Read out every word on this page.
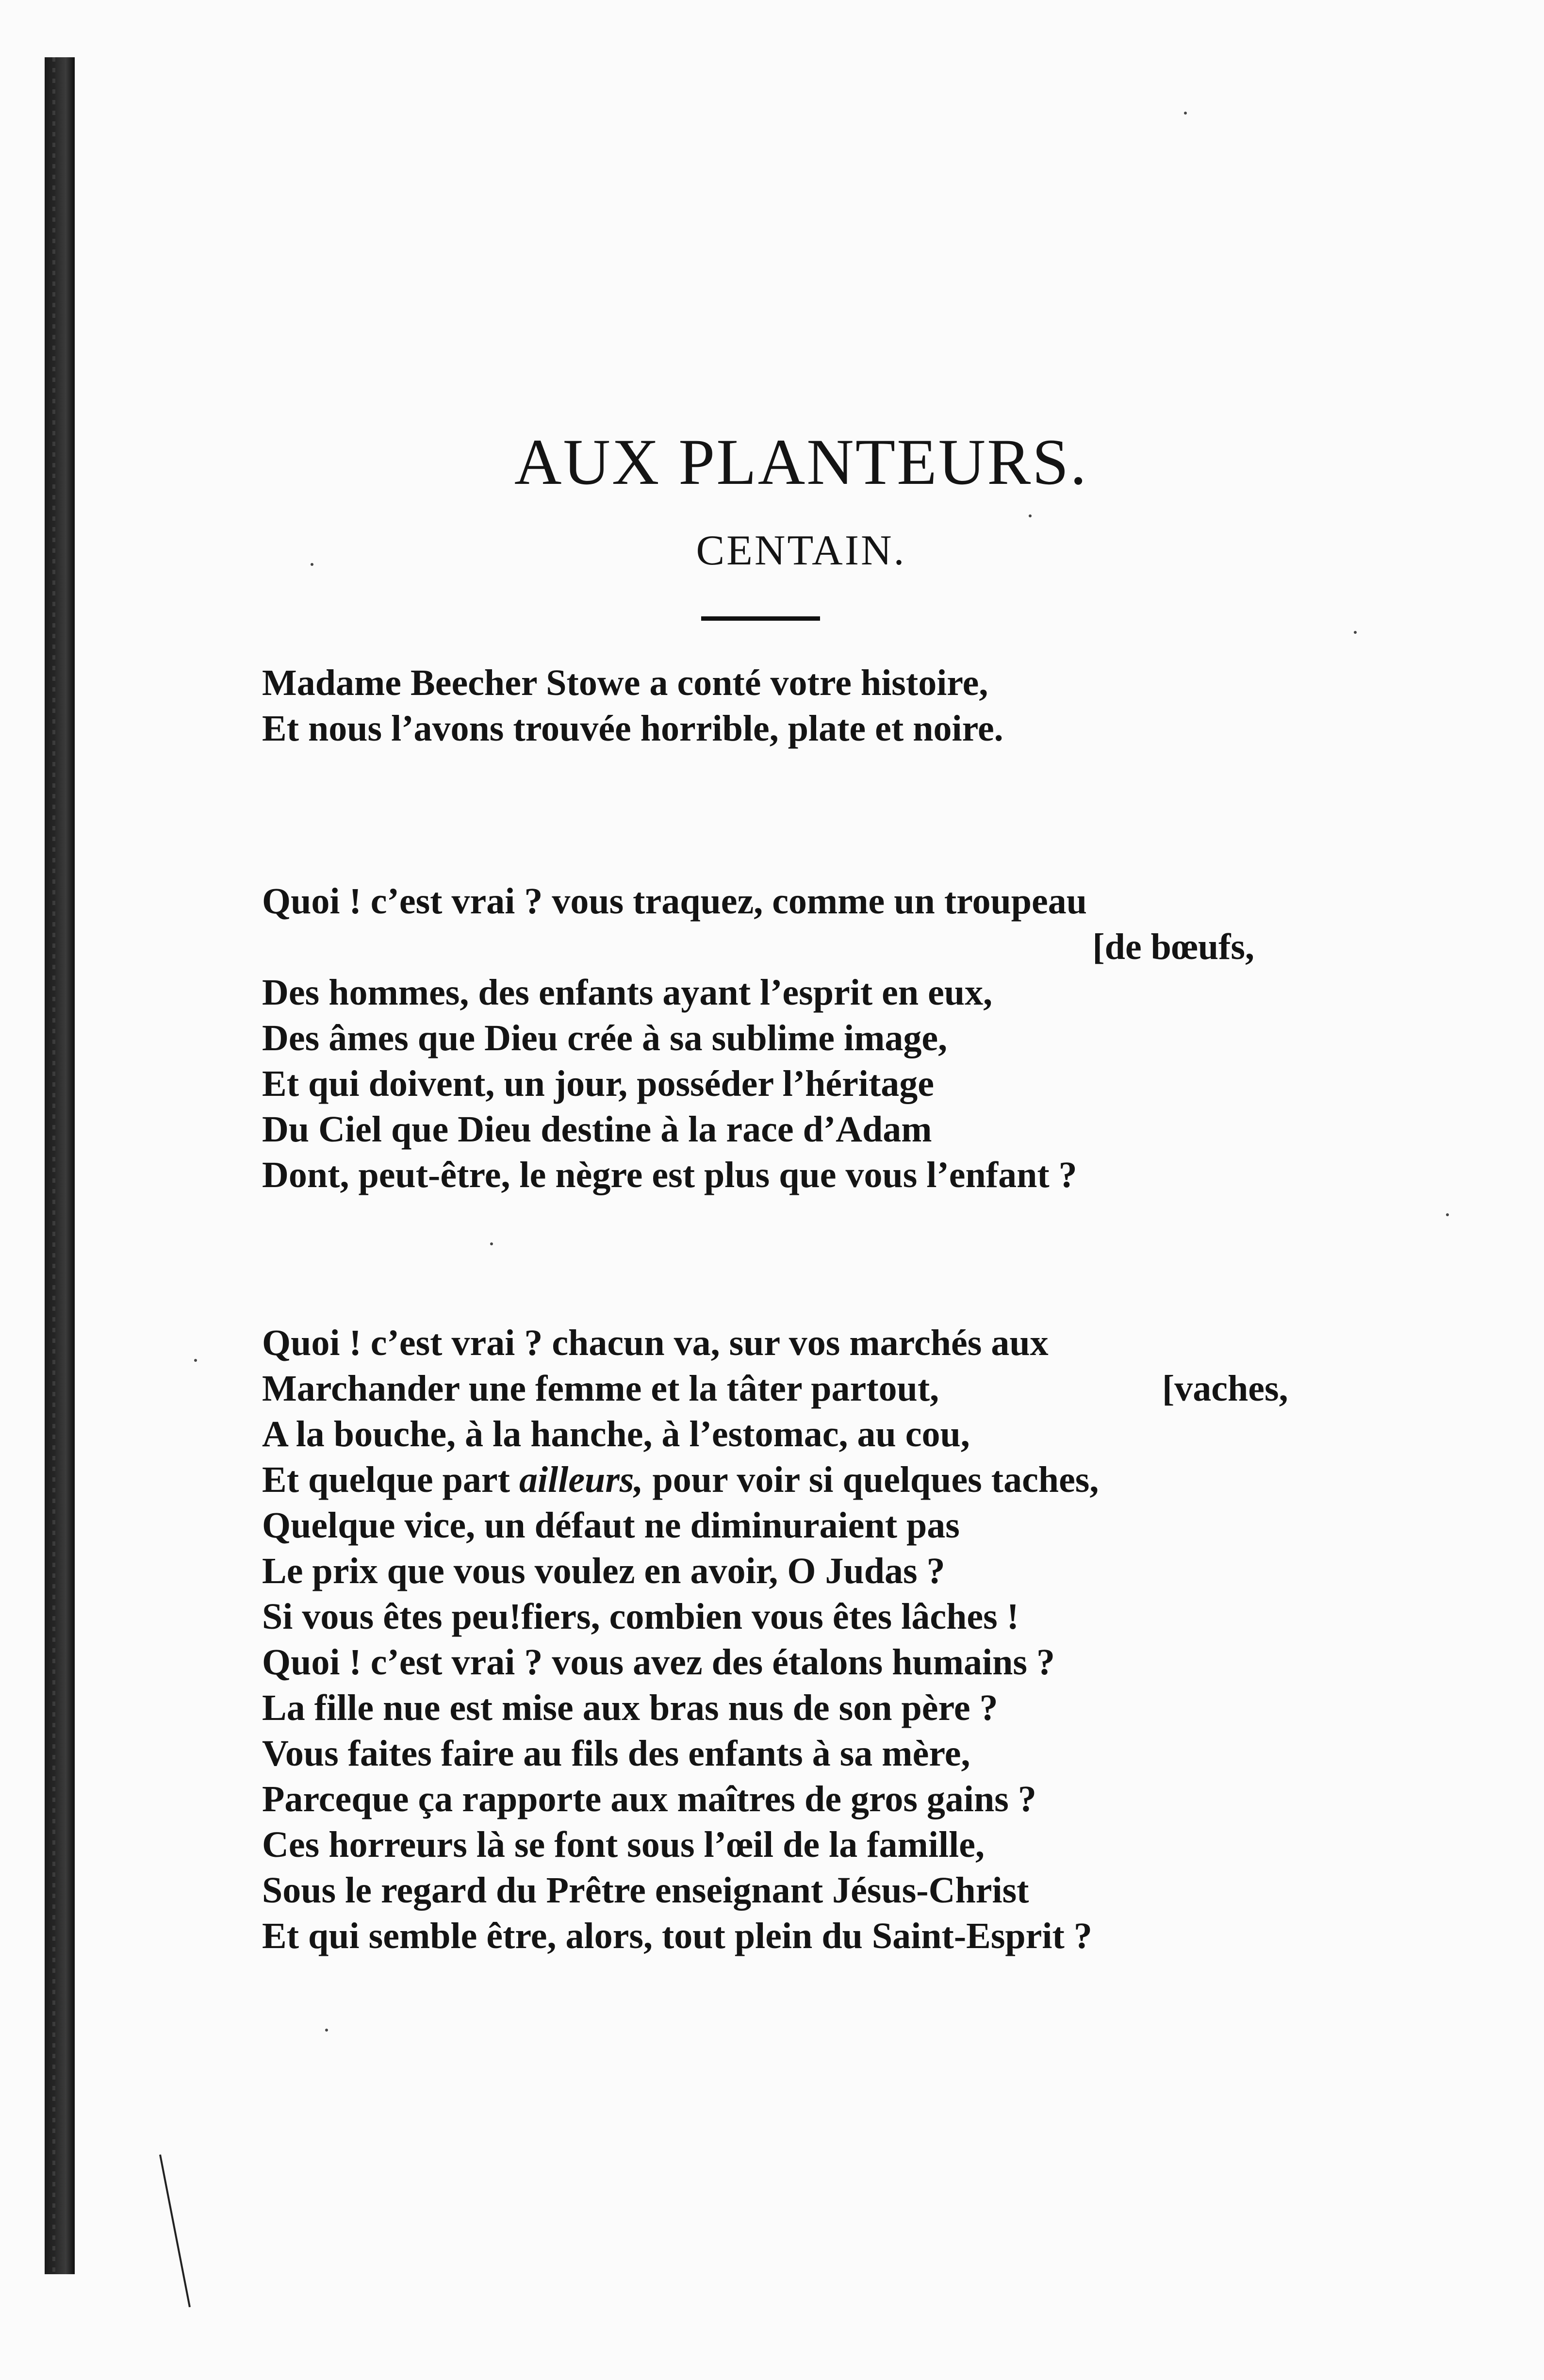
AUX PLANTEURS.
CENTAIN.
Madame Beecher Stowe a conté votre histoire,
Et nous l’avons trouvée horrible, plate et noire.
Quoi ! c’est vrai ? vous traquez, comme un troupeau
[de bœufs,
Des hommes, des enfants ayant l’esprit en eux,
Des âmes que Dieu crée à sa sublime image,
Et qui doivent, un jour, posséder l’héritage
Du Ciel que Dieu destine à la race d’Adam
Dont, peut-être, le nègre est plus que vous l’enfant ?
Quoi ! c’est vrai ? chacun va, sur vos marchés aux
Marchander une femme et la tâter partout,	[vaches,
A la bouche, à la hanche, à l’estomac, au cou,
Et quelque part ailleurs, pour voir si quelques taches,
Quelque vice, un défaut ne diminuraient pas
Le prix que vous voulez en avoir, O Judas ?
Si vous êtes peu!fiers, combien vous êtes lâches !
Quoi ! c’est vrai ? vous avez des étalons humains ?
La fille nue est mise aux bras nus de son père ?
Vous faites faire au fils des enfants à sa mère,
Parceque ça rapporte aux maîtres de gros gains ?
Ces horreurs là se font sous l’œil de la famille,
Sous le regard du Prêtre enseignant Jésus-Christ
Et qui semble être, alors, tout plein du Saint-Esprit ?
